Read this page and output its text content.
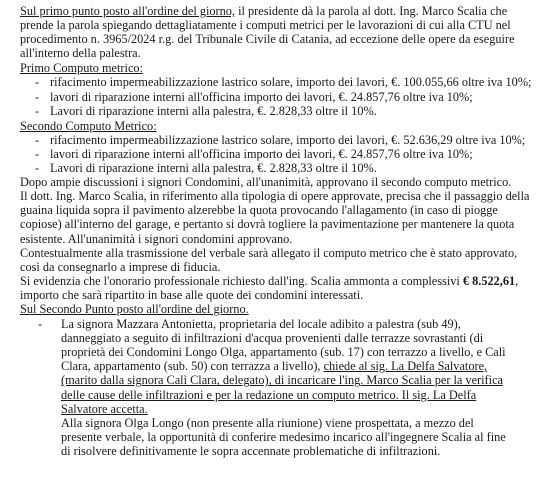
Sul primo punto posto all'ordine del giorno, il presidente dà la parola al dott. Ing. Marco Scalia che prende la parola spiegando dettagliatamente i computi metrici per le lavorazioni di cui alla CTU nel procedimento n. 3965/2024 r.g. del Tribunale Civile di Catania, ad eccezione delle opere da eseguire all'interno della palestra.

Primo Computo metrico:

- rifacimento impermeabilizzazione lastrico solare, importo dei lavori, €. 100.055,66 oltre iva 10%;
- lavori di riparazione interni all'officina importo dei lavori, €. 24.857,76 oltre iva 10%;
- Lavori di riparazione interni alla palestra, €. 2.828,33 oltre il 10%.

Secondo Computo Metrico:

- rifacimento impermeabilizzazione lastrico solare, importo dei lavori, €. 52.636,29 oltre iva 10%;
- lavori di riparazione interni all'officina importo dei lavori, €. 24.857,76 oltre iva 10%;
- Lavori di riparazione interni alla palestra, €. 2.828,33 oltre il 10%.

Dopo ampie discussioni i signori Condomini, all'unanimità, approvano il secondo computo metrico.

Il dott. Ing. Marco Scalia, in riferimento alla tipologia di opere approvate, precisa che il passaggio della guaina liquida sopra il pavimento alzerebbe la quota provocando l'allagamento (in caso di piogge copiose) all'interno del garage, e pertanto si dovrà togliere la pavimentazione per mantenere la quota esistente. All'unanimità i signori condomini approvano.

Contestualmente alla trasmissione del verbale sarà allegato il computo metrico che è stato approvato, così da consegnarlo a imprese di fiducia.

Si evidenzia che l'onorario professionale richiesto dall'ing. Scalia ammonta a complessivi € 8.522,61, importo che sarà ripartito in base alle quote dei condomini interessati.

Sul Secondo Punto posto all'ordine del giorno.

- La signora Mazzara Antonietta, proprietaria del locale adibito a palestra (sub 49), danneggiato a seguito di infiltrazioni d'acqua provenienti dalle terrazze sovrastanti (di proprietà dei Condomini Longo Olga, appartamento (sub. 17) con terrazzo a livello, e Calì Clara, appartamento (sub. 50) con terrazza a livello), chiede al sig. La Delfa Salvatore, (marito dalla signora Calì Clara, delegato), di incaricare l'ing. Marco Scalia per la verifica delle cause delle infiltrazioni e per la redazione un computo metrico. Il sig. La Delfa Salvatore accetta.

Alla signora Olga Longo (non presente alla riunione) viene prospettata, a mezzo del presente verbale, la opportunità di conferire medesimo incarico all'ingegnere Scalia al fine di risolvere definitivamente le sopra accennate problematiche di infiltrazioni.
